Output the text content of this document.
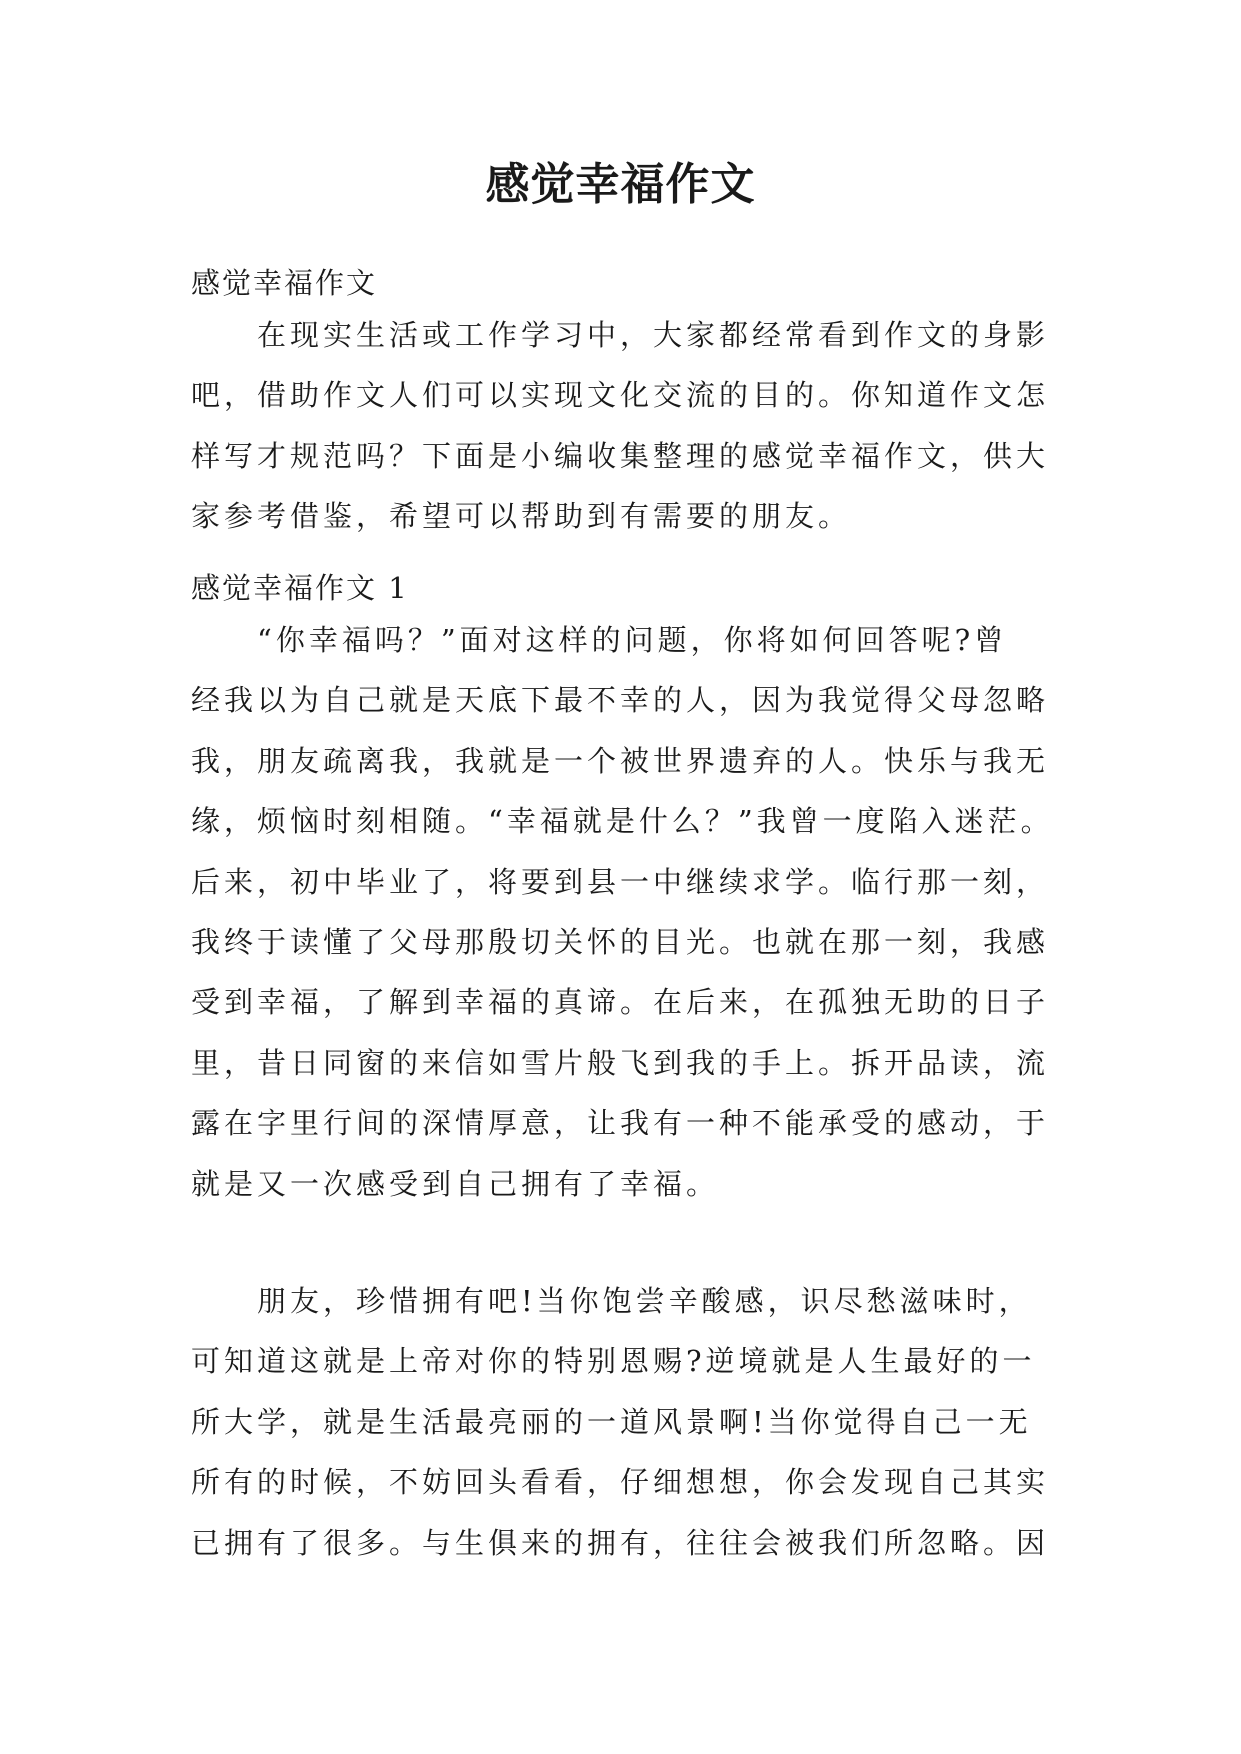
感觉幸福作文
感觉幸福作文
在现实生活或工作学习中，大家都经常看到作文的身影
吧，借助作文人们可以实现文化交流的目的。你知道作文怎
样写才规范吗？下面是小编收集整理的感觉幸福作文，供大
家参考借鉴，希望可以帮助到有需要的朋友。
感觉幸福作文 1
“你幸福吗？”面对这样的问题，你将如何回答呢?曾
经我以为自己就是天底下最不幸的人，因为我觉得父母忽略
我，朋友疏离我，我就是一个被世界遗弃的人。快乐与我无
缘，烦恼时刻相随。“幸福就是什么？”我曾一度陷入迷茫。
后来，初中毕业了，将要到县一中继续求学。临行那一刻，
我终于读懂了父母那殷切关怀的目光。也就在那一刻，我感
受到幸福，了解到幸福的真谛。在后来，在孤独无助的日子
里，昔日同窗的来信如雪片般飞到我的手上。拆开品读，流
露在字里行间的深情厚意，让我有一种不能承受的感动，于
就是又一次感受到自己拥有了幸福。
朋友，珍惜拥有吧!当你饱尝辛酸感，识尽愁滋味时，
可知道这就是上帝对你的特别恩赐?逆境就是人生最好的一
所大学，就是生活最亮丽的一道风景啊!当你觉得自己一无
所有的时候，不妨回头看看，仔细想想，你会发现自己其实
已拥有了很多。与生俱来的拥有，往往会被我们所忽略。因
